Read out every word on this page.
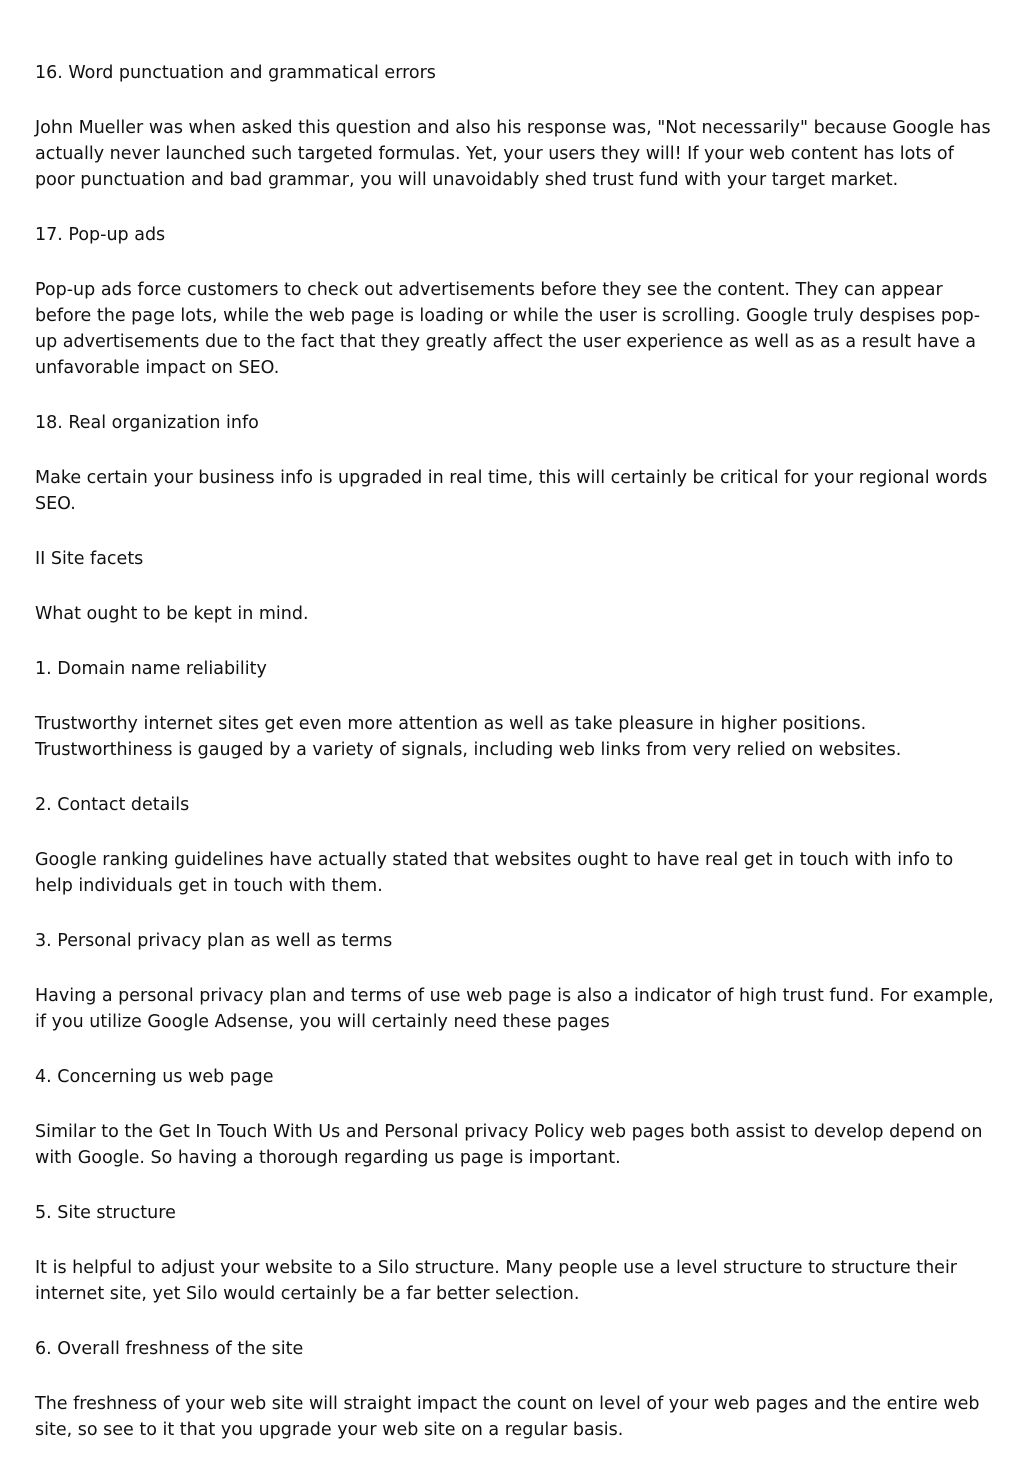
16. Word punctuation and grammatical errors

John Mueller was when asked this question and also his response was, "Not necessarily" because Google has actually never launched such targeted formulas. Yet, your users they will! If your web content has lots of poor punctuation and bad grammar, you will unavoidably shed trust fund with your target market.

17. Pop-up ads

Pop-up ads force customers to check out advertisements before they see the content. They can appear before the page lots, while the web page is loading or while the user is scrolling. Google truly despises pop-up advertisements due to the fact that they greatly affect the user experience as well as as a result have a unfavorable impact on SEO.

18. Real organization info

Make certain your business info is upgraded in real time, this will certainly be critical for your regional words SEO.

II Site facets

What ought to be kept in mind.

1. Domain name reliability

Trustworthy internet sites get even more attention as well as take pleasure in higher positions. Trustworthiness is gauged by a variety of signals, including web links from very relied on websites.

2. Contact details

Google ranking guidelines have actually stated that websites ought to have real get in touch with info to help individuals get in touch with them.

3. Personal privacy plan as well as terms

Having a personal privacy plan and terms of use web page is also a indicator of high trust fund. For example, if you utilize Google Adsense, you will certainly need these pages

4. Concerning us web page

Similar to the Get In Touch With Us and Personal privacy Policy web pages both assist to develop depend on with Google. So having a thorough regarding us page is important.

5. Site structure

It is helpful to adjust your website to a Silo structure. Many people use a level structure to structure their internet site, yet Silo would certainly be a far better selection.

6. Overall freshness of the site

The freshness of your web site will straight impact the count on level of your web pages and the entire web site, so see to it that you upgrade your web site on a regular basis.
